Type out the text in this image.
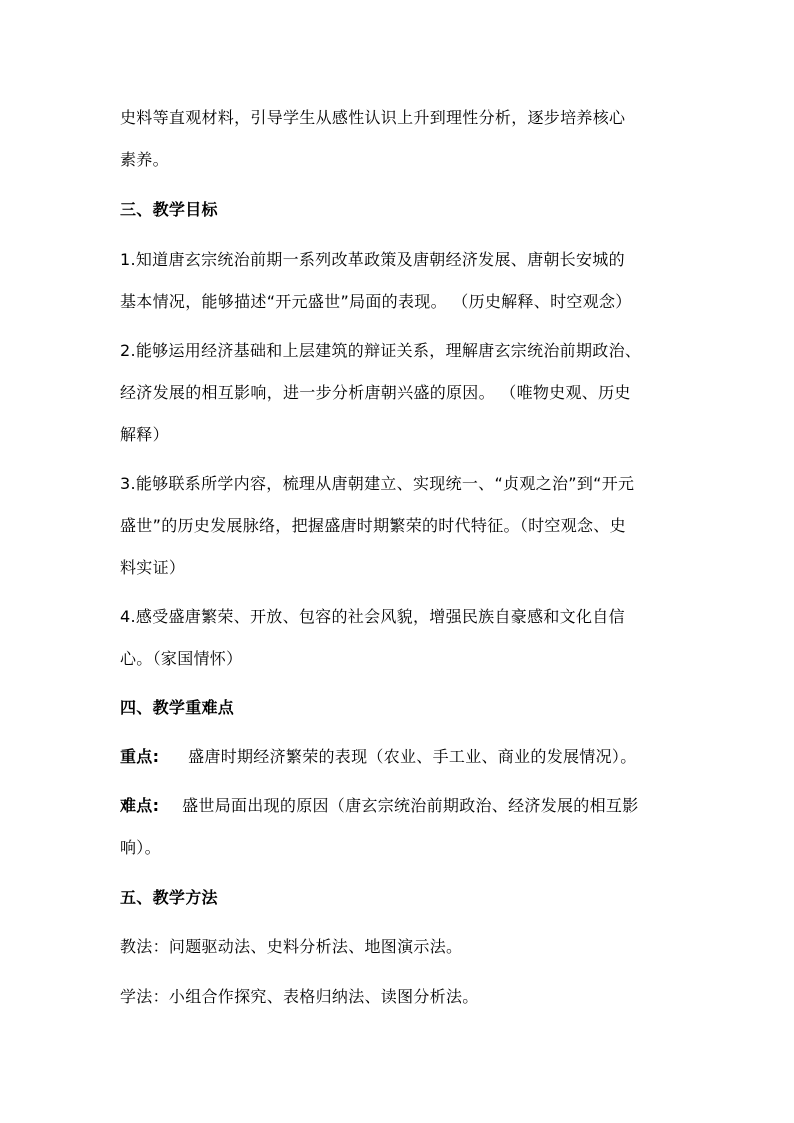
史料等直观材料，引导学生从感性认识上升到理性分析，逐步培养核心
素养。
三、教学目标
1.知道唐玄宗统治前期一系列改革政策及唐朝经济发展、唐朝长安城的
基本情况，能够描述“开元盛世”局面的表现。 （历史解释、时空观念）
2.能够运用经济基础和上层建筑的辩证关系，理解唐玄宗统治前期政治、
经济发展的相互影响，进一步分析唐朝兴盛的原因。 （唯物史观、历史
解释）
3.能够联系所学内容，梳理从唐朝建立、实现统一、“贞观之治”到“开元
盛世”的历史发展脉络，把握盛唐时期繁荣的时代特征。（时空观念、史
料实证）
4.感受盛唐繁荣、开放、包容的社会风貌，增强民族自豪感和文化自信
心。（家国情怀）
四、教学重难点
重点: 盛唐时期经济繁荣的表现（农业、手工业、商业的发展情况）。
难点: 盛世局面出现的原因（唐玄宗统治前期政治、经济发展的相互影
响）。
五、教学方法
教法：问题驱动法、史料分析法、地图演示法。
学法：小组合作探究、表格归纳法、读图分析法。
